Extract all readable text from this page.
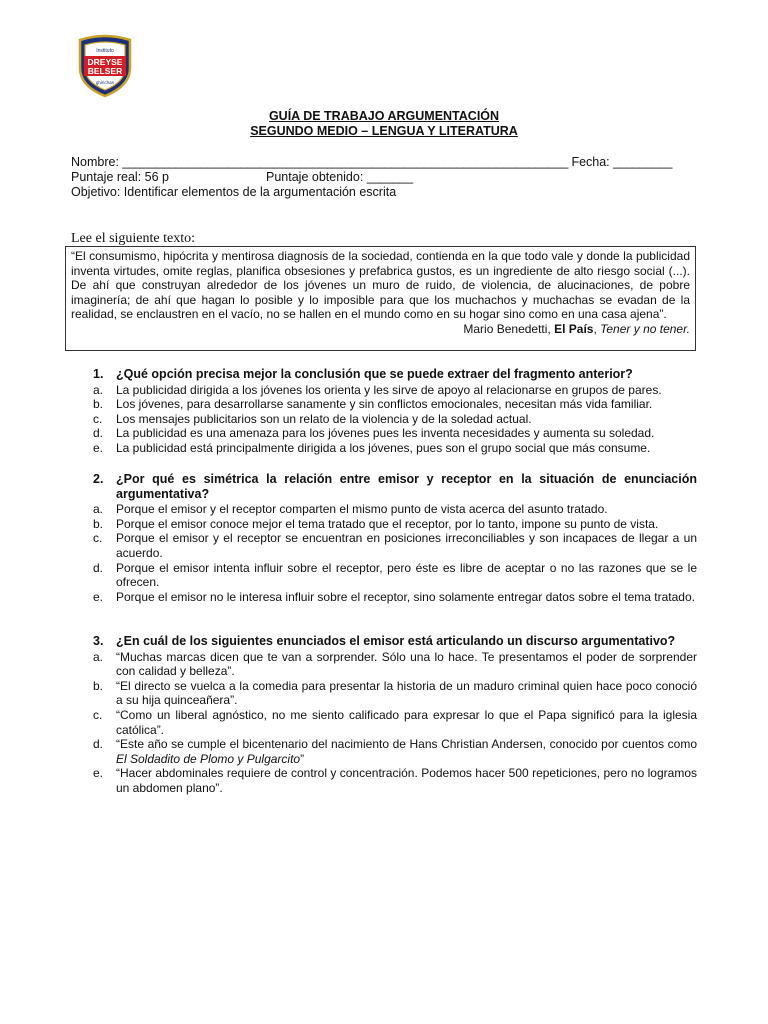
Instituto
DREYSE
BELSER
ghinchan
GUÍA DE TRABAJO ARGUMENTACIÓN
SEGUNDO MEDIO – LENGUA Y LITERATURA
Nombre: ____________________________________________________________________ Fecha: _________
Puntaje real: 56 p	Puntaje obtenido: _______
Objetivo: Identificar elementos de la argumentación escrita
Lee el siguiente texto:
“El consumismo, hipócrita y mentirosa diagnosis de la sociedad, contienda en la que todo vale y donde la publicidad inventa virtudes, omite reglas, planifica obsesiones y prefabrica gustos, es un ingrediente de alto riesgo social (...). De ahí que construyan alrededor de los jóvenes un muro de ruido, de violencia, de alucinaciones, de pobre imaginería; de ahí que hagan lo posible y lo imposible para que los muchachos y muchachas se evadan de la realidad, se enclaustren en el vacío, no se hallen en el mundo como en su hogar sino como en una casa ajena”.
Mario Benedetti, El País, Tener y no tener.
1. ¿Qué opción precisa mejor la conclusión que se puede extraer del fragmento anterior?
a. La publicidad dirigida a los jóvenes los orienta y les sirve de apoyo al relacionarse en grupos de pares.
b. Los jóvenes, para desarrollarse sanamente y sin conflictos emocionales, necesitan más vida familiar.
c. Los mensajes publicitarios son un relato de la violencia y de la soledad actual.
d. La publicidad es una amenaza para los jóvenes pues les inventa necesidades y aumenta su soledad.
e. La publicidad está principalmente dirigida a los jóvenes, pues son el grupo social que más consume.
2. ¿Por qué es simétrica la relación entre emisor y receptor en la situación de enunciación argumentativa?
a. Porque el emisor y el receptor comparten el mismo punto de vista acerca del asunto tratado.
b. Porque el emisor conoce mejor el tema tratado que el receptor, por lo tanto, impone su punto de vista.
c. Porque el emisor y el receptor se encuentran en posiciones irreconciliables y son incapaces de llegar a un acuerdo.
d. Porque el emisor intenta influir sobre el receptor, pero éste es libre de aceptar o no las razones que se le ofrecen.
e. Porque el emisor no le interesa influir sobre el receptor, sino solamente entregar datos sobre el tema tratado.
3. ¿En cuál de los siguientes enunciados el emisor está articulando un discurso argumentativo?
a. “Muchas marcas dicen que te van a sorprender. Sólo una lo hace. Te presentamos el poder de sorprender con calidad y belleza”.
b. “El directo se vuelca a la comedia para presentar la historia de un maduro criminal quien hace poco conoció a su hija quinceañera”.
c. “Como un liberal agnóstico, no me siento calificado para expresar lo que el Papa significó para la iglesia católica”.
d. “Este año se cumple el bicentenario del nacimiento de Hans Christian Andersen, conocido por cuentos como El Soldadito de Plomo y Pulgarcito”
e. “Hacer abdominales requiere de control y concentración. Podemos hacer 500 repeticiones, pero no logramos un abdomen plano”.
